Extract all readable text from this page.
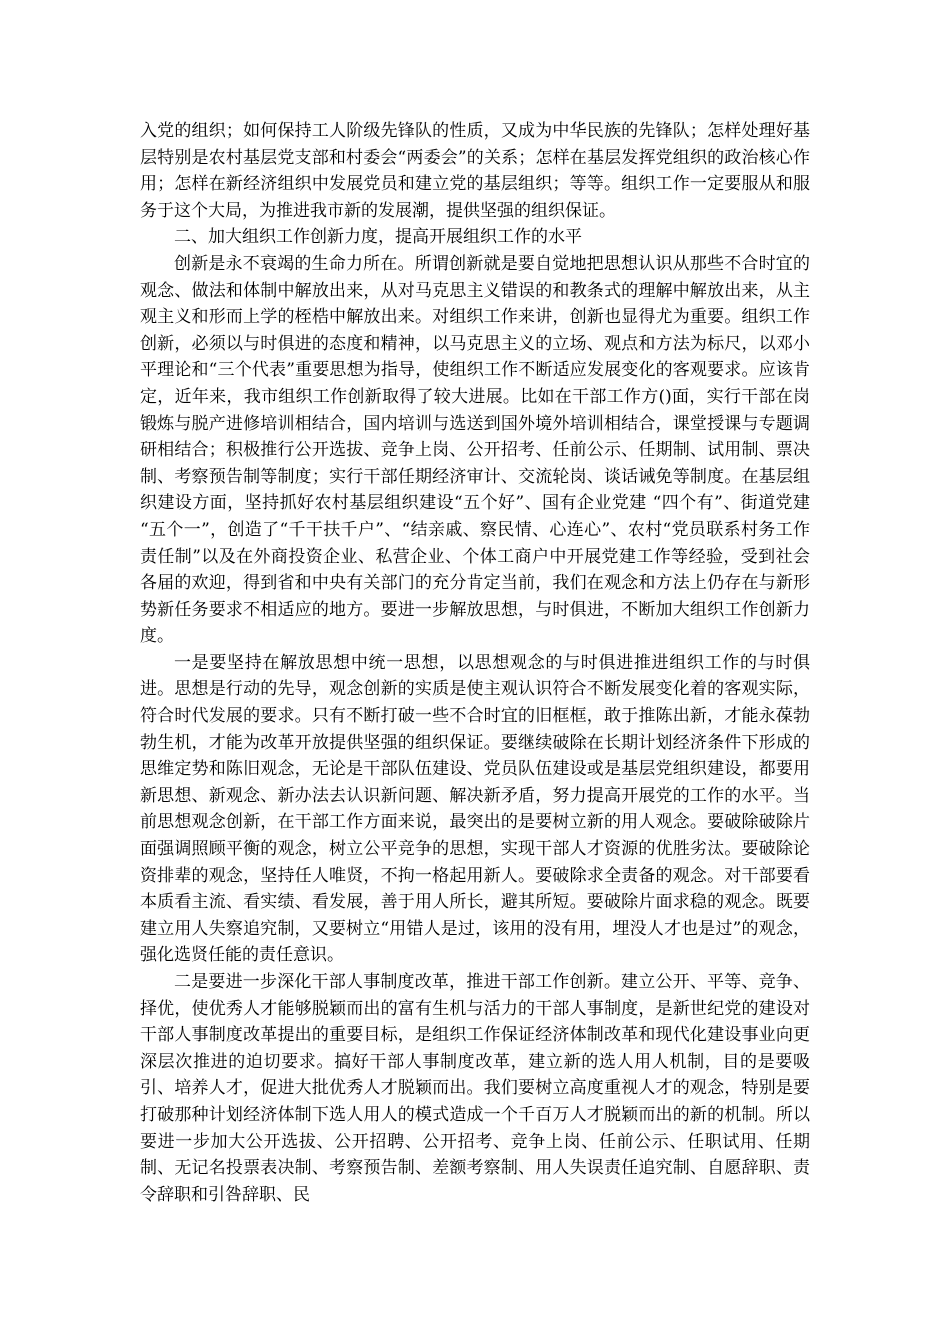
入党的组织；如何保持工人阶级先锋队的性质，又成为中华民族的先锋队；怎样处理好基层特别是农村基层党支部和村委会“两委会”的关系；怎样在基层发挥党组织的政治核心作用；怎样在新经济组织中发展党员和建立党的基层组织；等等。组织工作一定要服从和服务于这个大局，为推进我市新的发展潮，提供坚强的组织保证。

二、加大组织工作创新力度，提高开展组织工作的水平

创新是永不衰竭的生命力所在。所谓创新就是要自觉地把思想认识从那些不合时宜的观念、做法和体制中解放出来，从对马克思主义错误的和教条式的理解中解放出来，从主观主义和形而上学的桎梏中解放出来。对组织工作来讲，创新也显得尤为重要。组织工作创新，必须以与时俱进的态度和精神，以马克思主义的立场、观点和方法为标尺，以邓小平理论和“三个代表”重要思想为指导，使组织工作不断适应发展变化的客观要求。应该肯定，近年来，我市组织工作创新取得了较大进展。比如在干部工作方()面，实行干部在岗锻炼与脱产进修培训相结合，国内培训与选送到国外境外培训相结合，课堂授课与专题调研相结合；积极推行公开选拔、竞争上岗、公开招考、任前公示、任期制、试用制、票决制、考察预告制等制度；实行干部任期经济审计、交流轮岗、谈话诫免等制度。在基层组织建设方面，坚持抓好农村基层组织建设“五个好”、国有企业党建 “四个有”、街道党建 “五个一”，创造了“千干扶千户”、“结亲戚、察民情、心连心”、农村“党员联系村务工作责任制”以及在外商投资企业、私营企业、个体工商户中开展党建工作等经验，受到社会各届的欢迎，得到省和中央有关部门的充分肯定当前，我们在观念和方法上仍存在与新形势新任务要求不相适应的地方。要进一步解放思想，与时俱进，不断加大组织工作创新力度。

一是要坚持在解放思想中统一思想，以思想观念的与时俱进推进组织工作的与时俱进。思想是行动的先导，观念创新的实质是使主观认识符合不断发展变化着的客观实际，符合时代发展的要求。只有不断打破一些不合时宜的旧框框，敢于推陈出新，才能永葆勃勃生机，才能为改革开放提供坚强的组织保证。要继续破除在长期计划经济条件下形成的思维定势和陈旧观念，无论是干部队伍建设、党员队伍建设或是基层党组织建设，都要用新思想、新观念、新办法去认识新问题、解决新矛盾，努力提高开展党的工作的水平。当前思想观念创新，在干部工作方面来说，最突出的是要树立新的用人观念。要破除破除片面强调照顾平衡的观念，树立公平竞争的思想，实现干部人才资源的优胜劣汰。要破除论资排辈的观念，坚持任人唯贤，不拘一格起用新人。要破除求全责备的观念。对干部要看本质看主流、看实绩、看发展，善于用人所长，避其所短。要破除片面求稳的观念。既要建立用人失察追究制，又要树立“用错人是过，该用的没有用，埋没人才也是过”的观念，强化选贤任能的责任意识。

二是要进一步深化干部人事制度改革，推进干部工作创新。建立公开、平等、竞争、择优，使优秀人才能够脱颖而出的富有生机与活力的干部人事制度，是新世纪党的建设对干部人事制度改革提出的重要目标，是组织工作保证经济体制改革和现代化建设事业向更深层次推进的迫切要求。搞好干部人事制度改革，建立新的选人用人机制，目的是要吸引、培养人才，促进大批优秀人才脱颖而出。我们要树立高度重视人才的观念，特别是要打破那种计划经济体制下选人用人的模式造成一个千百万人才脱颖而出的新的机制。所以要进一步加大公开选拔、公开招聘、公开招考、竞争上岗、任前公示、任职试用、任期制、无记名投票表决制、考察预告制、差额考察制、用人失误责任追究制、自愿辞职、责令辞职和引咎辞职、民
